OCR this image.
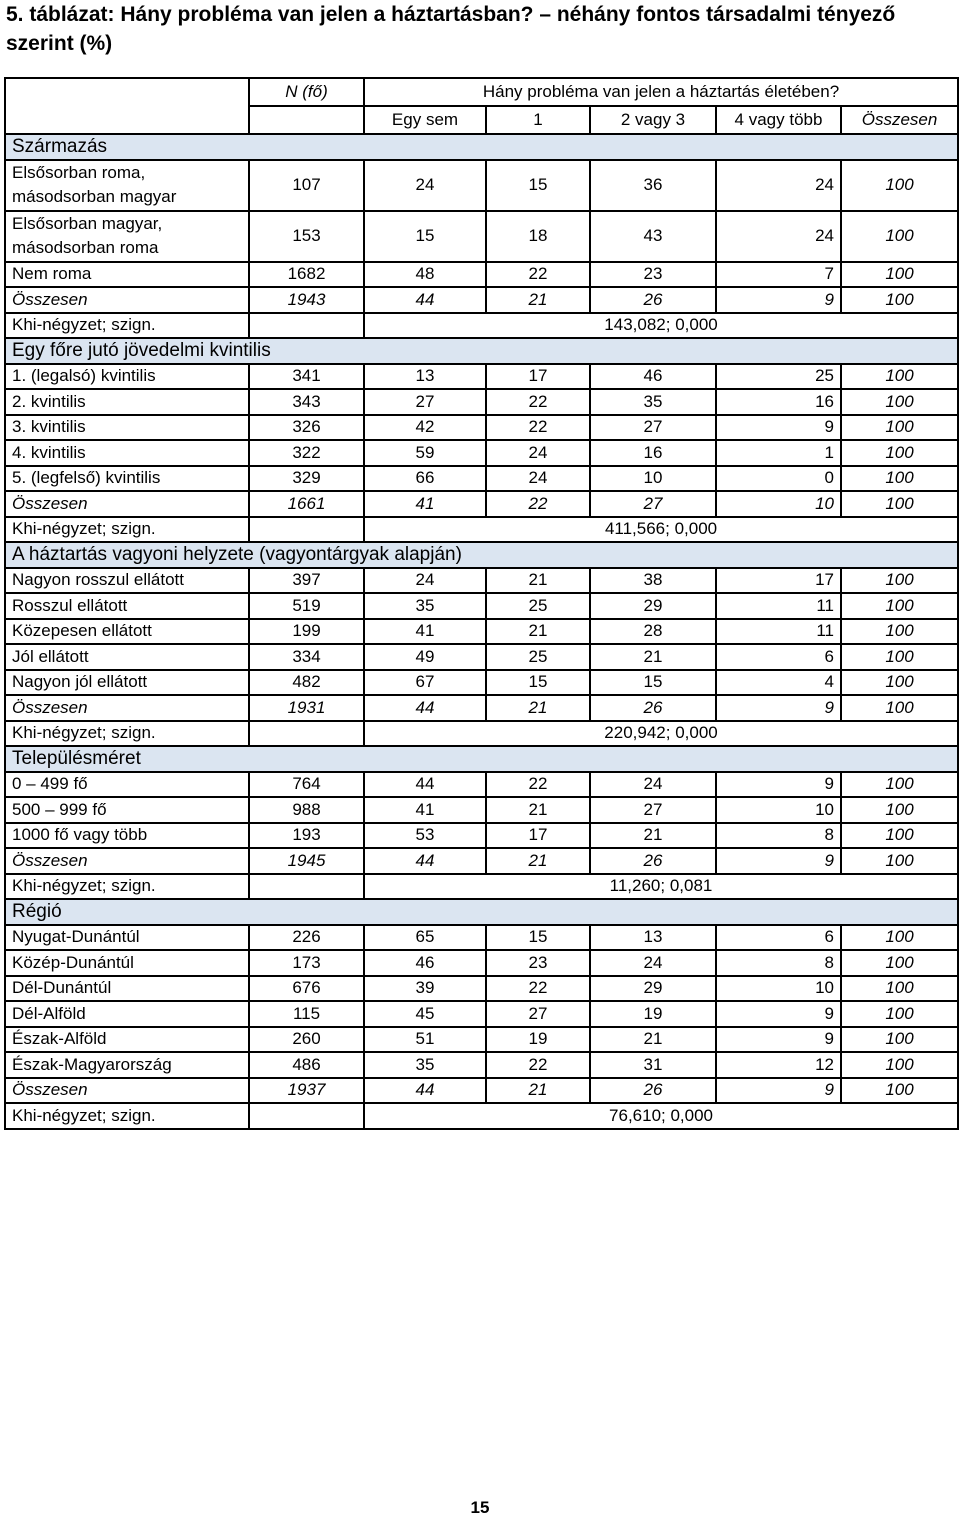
5. táblázat: Hány probléma van jelen a háztartásban? – néhány fontos társadalmi tényező szerint (%)
	N (fő)	Hány probléma van jelen a háztartás életében?				
		Egy sem	1	2 vagy 3	4 vagy több	Összesen
Származás						
Elsősorban roma, másodsorban magyar	107	24	15	36	24	100
Elsősorban magyar, másodsorban roma	153	15	18	43	24	100
Nem roma	1682	48	22	23	7	100
Összesen	1943	44	21	26	9	100
Khi-négyzet; szign.		143,082; 0,000				
Egy főre jutó jövedelmi kvintilis						
1. (legalsó) kvintilis	341	13	17	46	25	100
2. kvintilis	343	27	22	35	16	100
3. kvintilis	326	42	22	27	9	100
4. kvintilis	322	59	24	16	1	100
5. (legfelső) kvintilis	329	66	24	10	0	100
Összesen	1661	41	22	27	10	100
Khi-négyzet; szign.		411,566; 0,000				
A háztartás vagyoni helyzete (vagyontárgyak alapján)						
Nagyon rosszul ellátott	397	24	21	38	17	100
Rosszul ellátott	519	35	25	29	11	100
Közepesen ellátott	199	41	21	28	11	100
Jól ellátott	334	49	25	21	6	100
Nagyon jól ellátott	482	67	15	15	4	100
Összesen	1931	44	21	26	9	100
Khi-négyzet; szign.		220,942; 0,000				
Településméret						
0 – 499 fő	764	44	22	24	9	100
500 – 999 fő	988	41	21	27	10	100
1000 fő vagy több	193	53	17	21	8	100
Összesen	1945	44	21	26	9	100
Khi-négyzet; szign.		11,260; 0,081				
Régió						
Nyugat-Dunántúl	226	65	15	13	6	100
Közép-Dunántúl	173	46	23	24	8	100
Dél-Dunántúl	676	39	22	29	10	100
Dél-Alföld	115	45	27	19	9	100
Észak-Alföld	260	51	19	21	9	100
Észak-Magyarország	486	35	22	31	12	100
Összesen	1937	44	21	26	9	100
Khi-négyzet; szign.		76,610; 0,000				
15
